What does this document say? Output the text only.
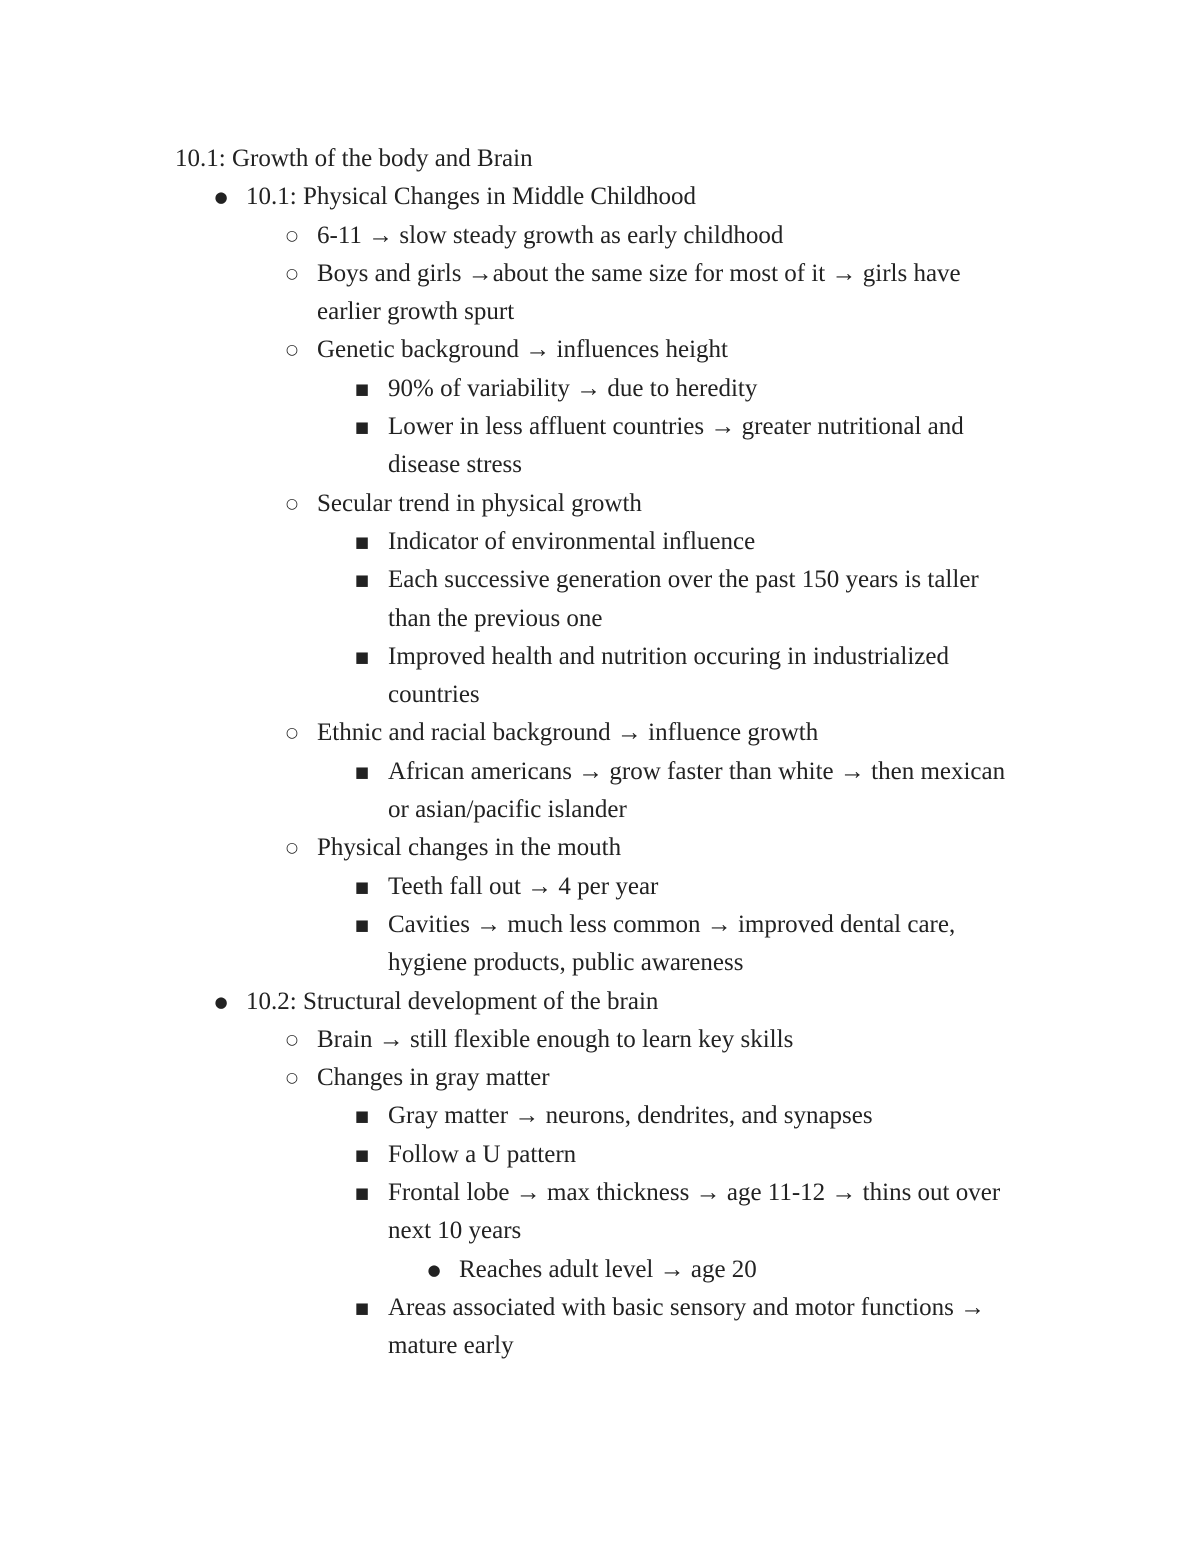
10.1: Growth of the body and Brain

● 10.1: Physical Changes in Middle Childhood
○ 6-11 → slow steady growth as early childhood
○ Boys and girls →about the same size for most of it → girls have earlier growth spurt
○ Genetic background → influences height
■ 90% of variability → due to heredity
■ Lower in less affluent countries → greater nutritional and disease stress
○ Secular trend in physical growth
■ Indicator of environmental influence
■ Each successive generation over the past 150 years is taller than the previous one
■ Improved health and nutrition occuring in industrialized countries
○ Ethnic and racial background → influence growth
■ African americans → grow faster than white → then mexican or asian/pacific islander
○ Physical changes in the mouth
■ Teeth fall out → 4 per year
■ Cavities → much less common → improved dental care, hygiene products, public awareness
● 10.2: Structural development of the brain
○ Brain → still flexible enough to learn key skills
○ Changes in gray matter
■ Gray matter → neurons, dendrites, and synapses
■ Follow a U pattern
■ Frontal lobe → max thickness → age 11-12 → thins out over next 10 years
● Reaches adult level → age 20
■ Areas associated with basic sensory and motor functions → mature early
